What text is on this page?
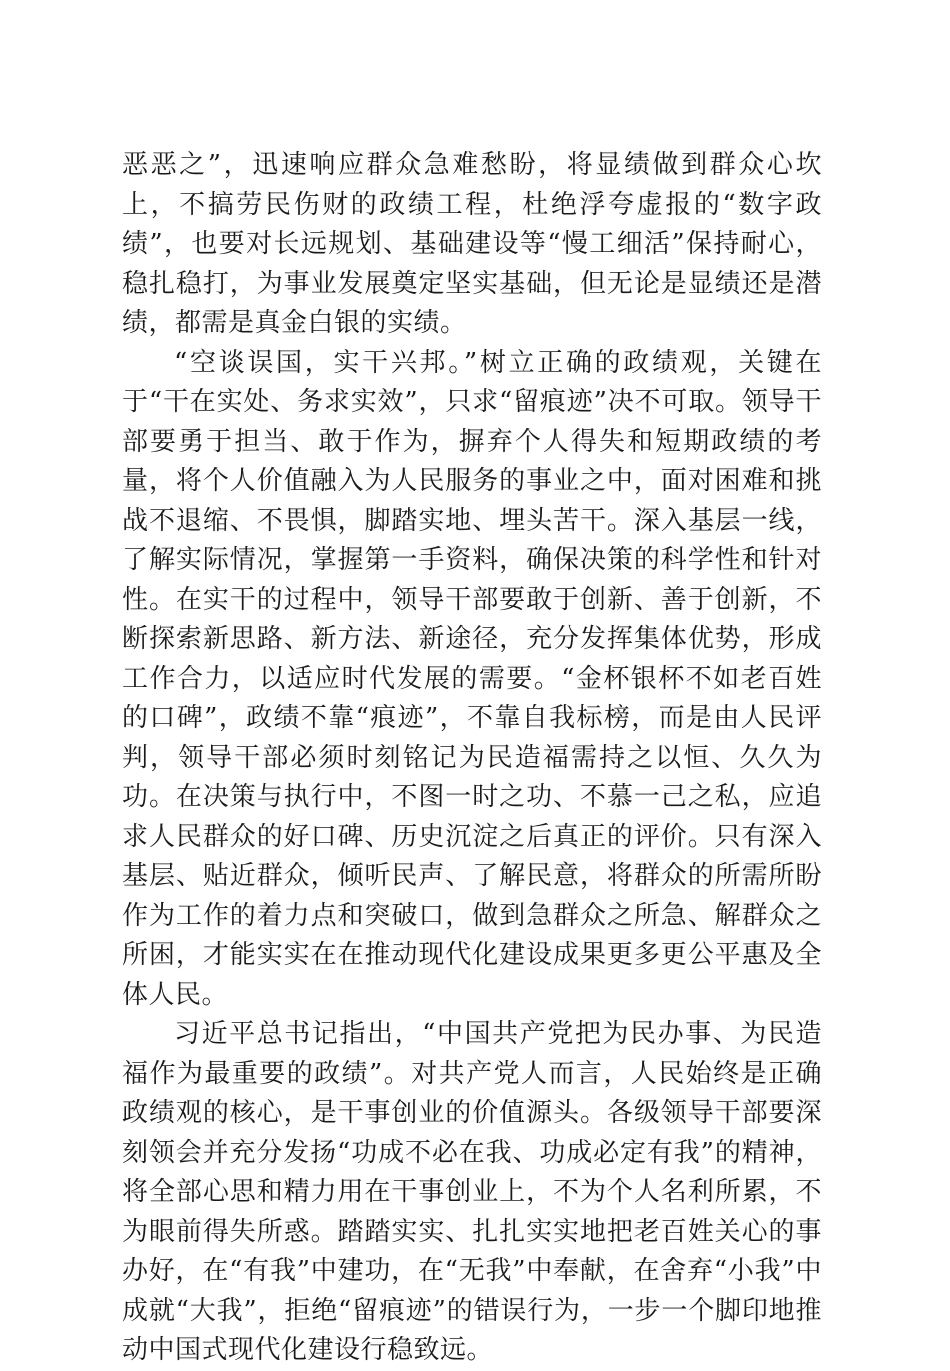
恶恶之”，迅速响应群众急难愁盼，将显绩做到群众心坎上，不搞劳民伤财的政绩工程，杜绝浮夸虚报的“数字政绩”，也要对长远规划、基础建设等“慢工细活”保持耐心，稳扎稳打，为事业发展奠定坚实基础，但无论是显绩还是潜绩，都需是真金白银的实绩。

“空谈误国，实干兴邦。”树立正确的政绩观，关键在于“干在实处、务求实效”，只求“留痕迹”决不可取。领导干部要勇于担当、敢于作为，摒弃个人得失和短期政绩的考量，将个人价值融入为人民服务的事业之中，面对困难和挑战不退缩、不畏惧，脚踏实地、埋头苦干。深入基层一线，了解实际情况，掌握第一手资料，确保决策的科学性和针对性。在实干的过程中，领导干部要敢于创新、善于创新，不断探索新思路、新方法、新途径，充分发挥集体优势，形成工作合力，以适应时代发展的需要。“金杯银杯不如老百姓的口碑”，政绩不靠“痕迹”，不靠自我标榜，而是由人民评判，领导干部必须时刻铭记为民造福需持之以恒、久久为功。在决策与执行中，不图一时之功、不慕一己之私，应追求人民群众的好口碑、历史沉淀之后真正的评价。只有深入基层、贴近群众，倾听民声、了解民意，将群众的所需所盼作为工作的着力点和突破口，做到急群众之所急、解群众之所困，才能实实在在推动现代化建设成果更多更公平惠及全体人民。

习近平总书记指出，“中国共产党把为民办事、为民造福作为最重要的政绩”。对共产党人而言，人民始终是正确政绩观的核心，是干事创业的价值源头。各级领导干部要深刻领会并充分发扬“功成不必在我、功成必定有我”的精神，将全部心思和精力用在干事创业上，不为个人名利所累，不为眼前得失所惑。踏踏实实、扎扎实实地把老百姓关心的事办好，在“有我”中建功，在“无我”中奉献，在舍弃“小我”中成就“大我”，拒绝“留痕迹”的错误行为，一步一个脚印地推动中国式现代化建设行稳致远。
